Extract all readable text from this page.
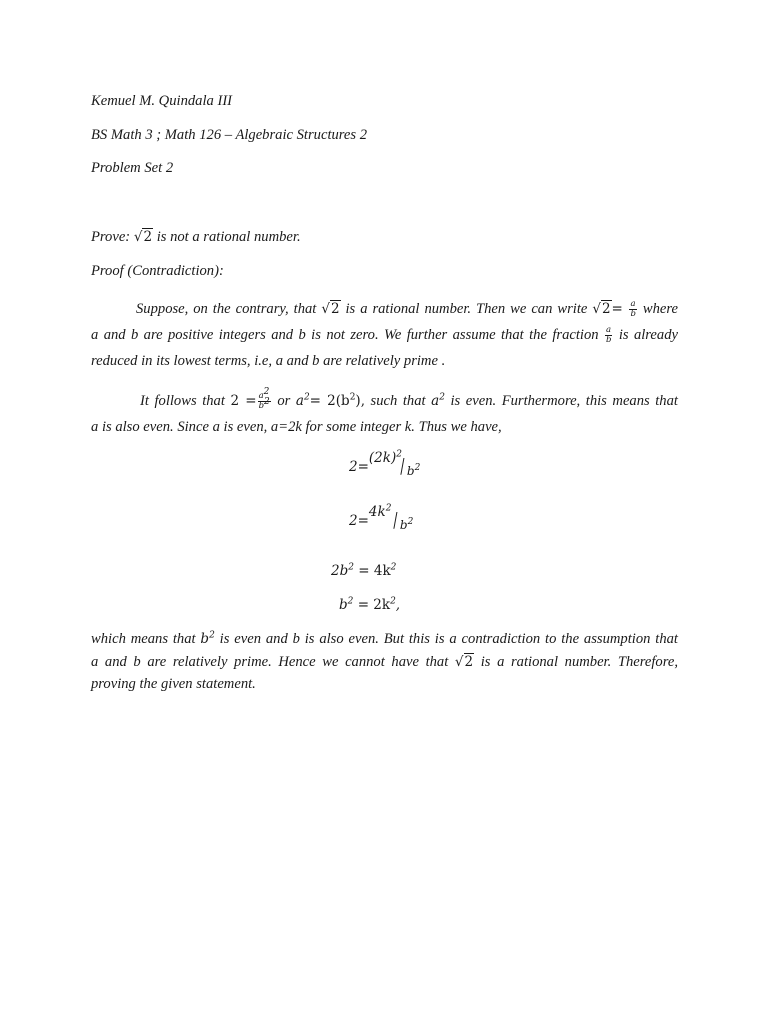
Kemuel M. Quindala III
BS Math 3 ; Math 126 – Algebraic Structures 2
Problem Set 2
Prove: √2 is not a rational number.
Proof (Contradiction):
Suppose, on the contrary, that √2 is a rational number. Then we can write $√2= \frac{a}{b}$ where
a and b are positive integers and b is not zero. We further assume that the fraction $\frac{a}{b}$ is already
reduced in its lowest terms, i.e, a and b are relatively prime .
It follows that $2 = \frac{a^2}{b^2}$ or $a^2= 2(b^2)$, such that $a^2$ is even. Furthermore, this means that
a is also even. Since a is even, a=2k for some integer k. Thus we have,
2=
$(2k)^2$
/ $b^2$
2=
$4k^2 / b^2$
$2b^2 = 4k^2$
$b^2 = 2k^2$,
which means that $b^2$ is even and b is also even. But this is a contradiction to the assumption that
a and b are relatively prime. Hence we cannot have that √2 is a rational number. Therefore,
proving the given statement.
